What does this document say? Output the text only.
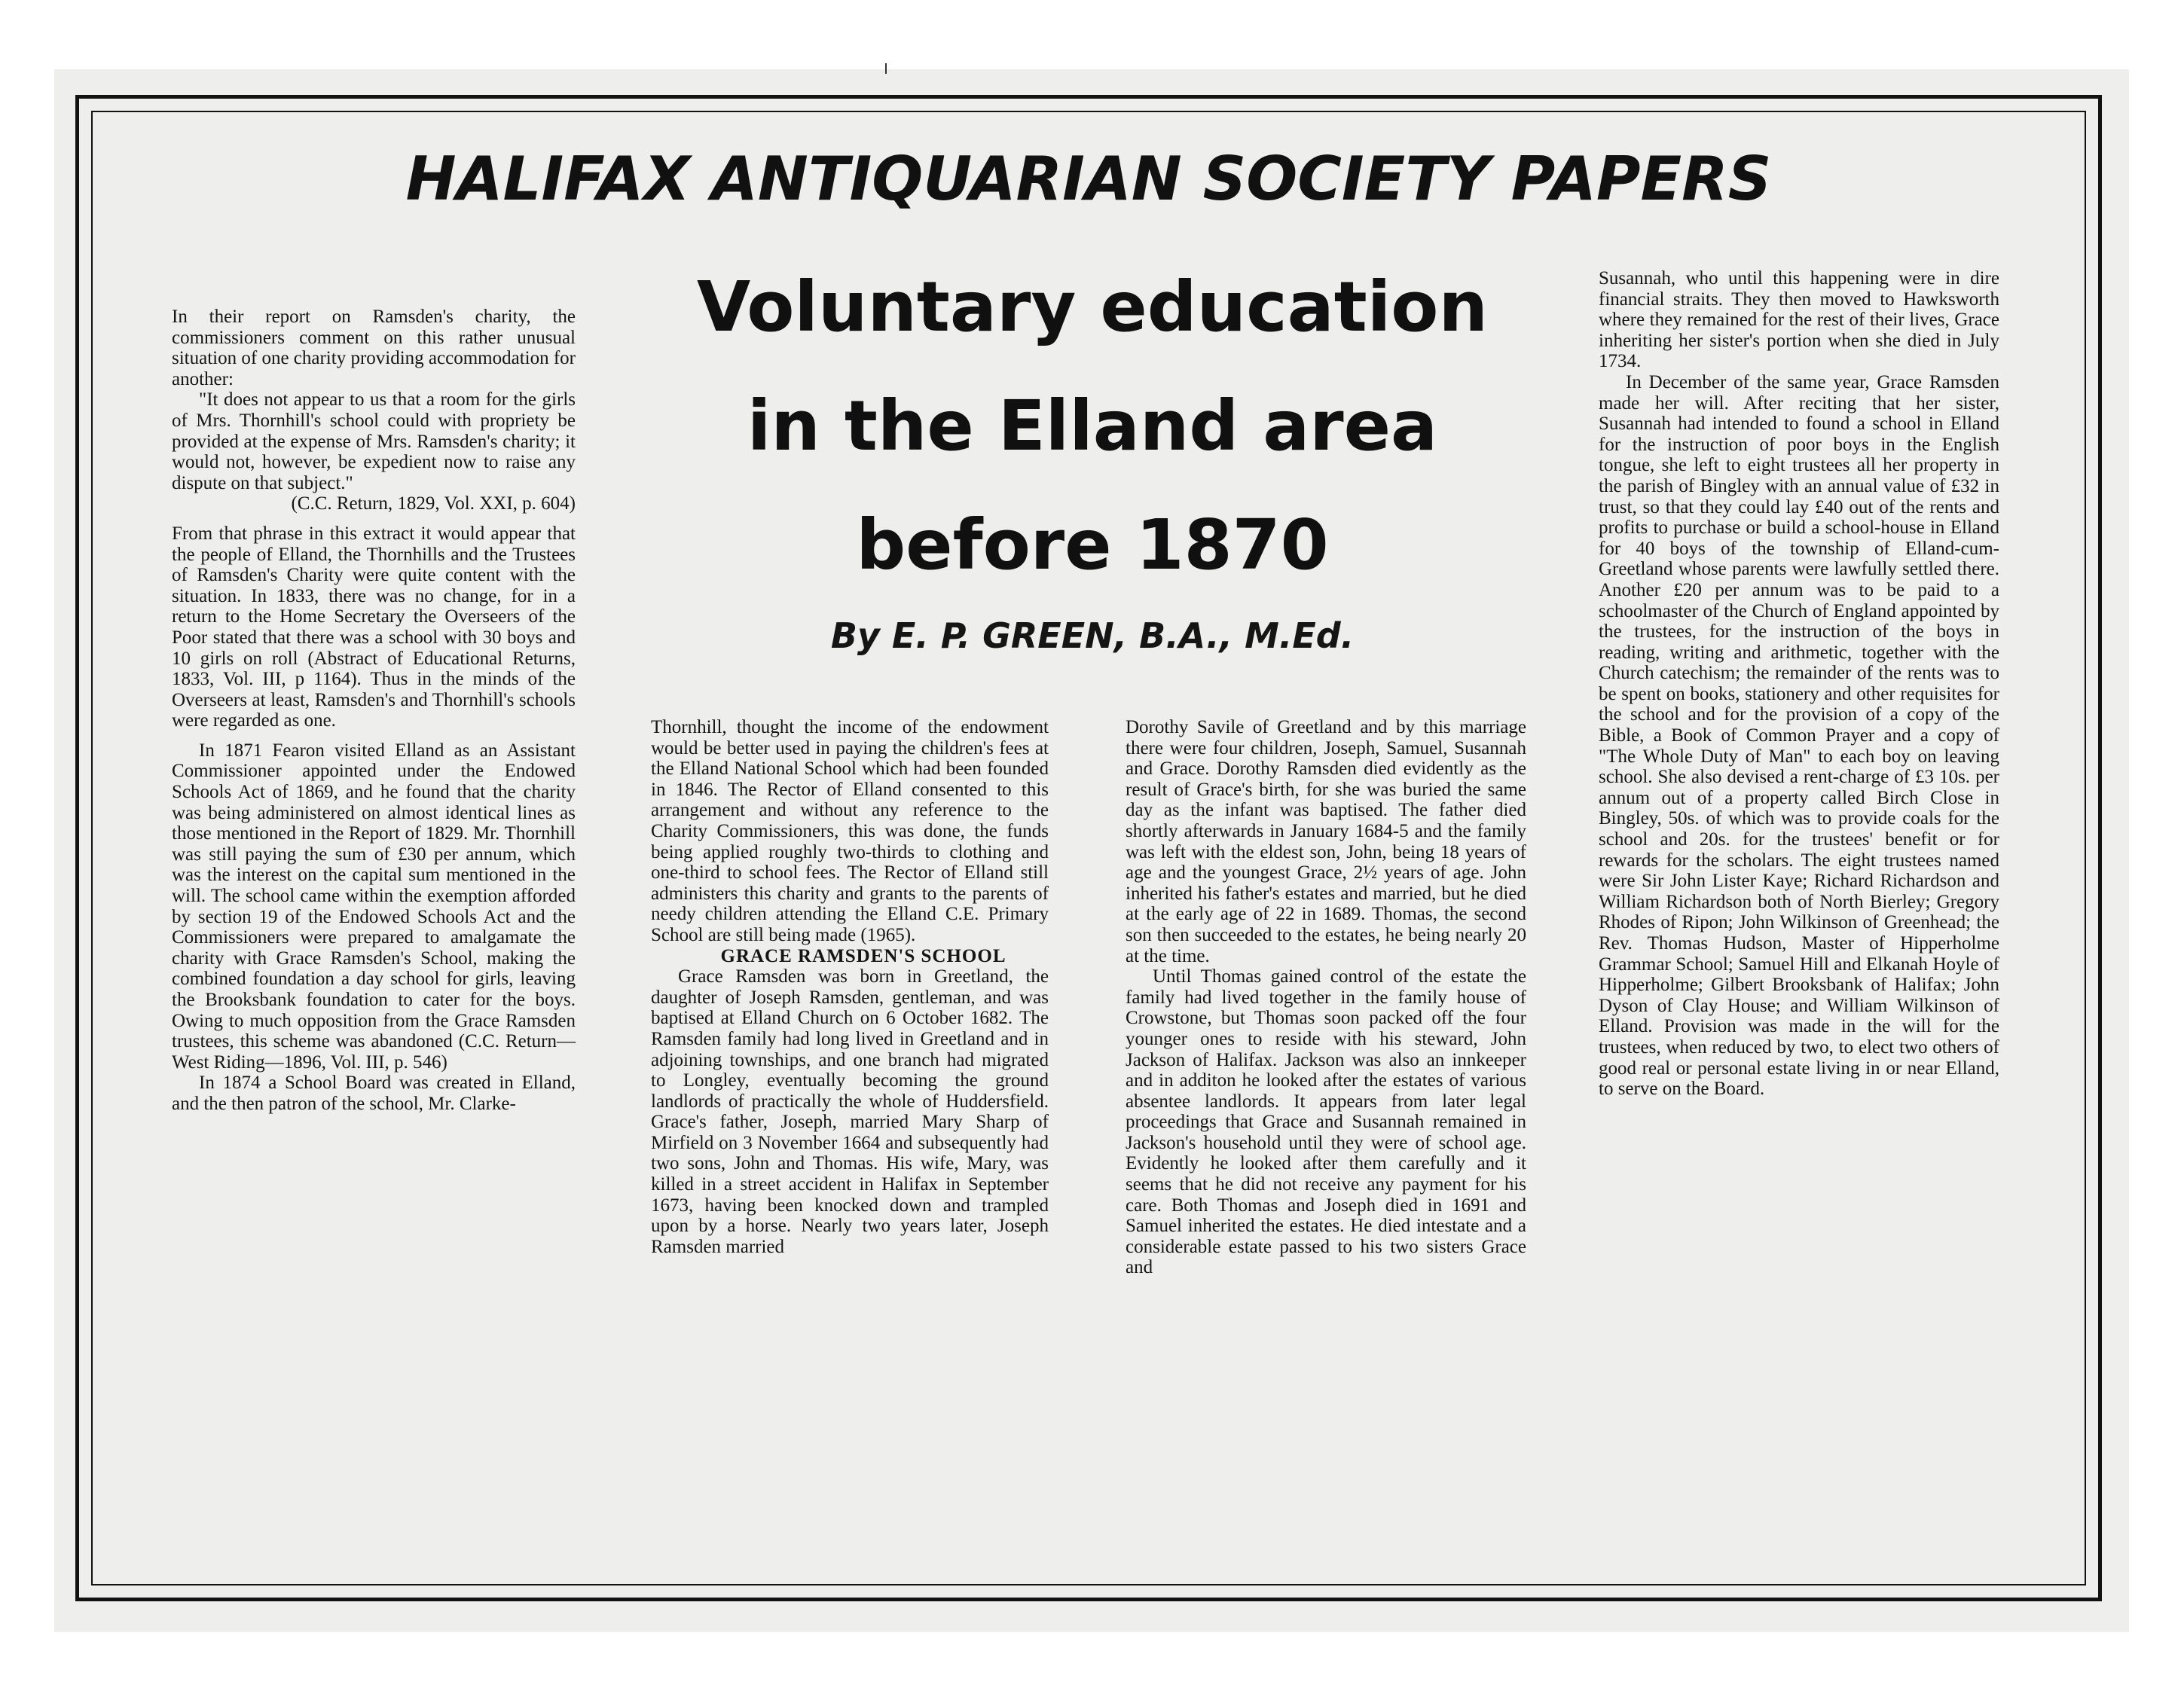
HALIFAX ANTIQUARIAN SOCIETY PAPERS
Voluntary education
in the Elland area
before 1870

By E. P. GREEN, B.A., M.Ed.

In their report on Ramsden's charity, the commissioners comment on this rather unusual situation of one charity providing accommodation for another:

"It does not appear to us that a room for the girls of Mrs. Thornhill's school could with propriety be provided at the expense of Mrs. Ramsden's charity; it would not, however, be expedient now to raise any dispute on that subject."

(C.C. Return, 1829, Vol. XXI, p. 604)

From that phrase in this extract it would appear that the people of Elland, the Thornhills and the Trustees of Ramsden's Charity were quite content with the situation. In 1833, there was no change, for in a return to the Home Secretary the Overseers of the Poor stated that there was a school with 30 boys and 10 girls on roll (Abstract of Educational Returns, 1833, Vol. III, p 1164). Thus in the minds of the Overseers at least, Ramsden's and Thornhill's schools were regarded as one.

In 1871 Fearon visited Elland as an Assistant Commissioner appointed under the Endowed Schools Act of 1869, and he found that the charity was being administered on almost identical lines as those mentioned in the Report of 1829. Mr. Thornhill was still paying the sum of £30 per annum, which was the interest on the capital sum mentioned in the will. The school came within the exemption afforded by section 19 of the Endowed Schools Act and the Commissioners were prepared to amalgamate the charity with Grace Ramsden's School, making the combined foundation a day school for girls, leaving the Brooksbank foundation to cater for the boys. Owing to much opposition from the Grace Ramsden trustees, this scheme was abandoned (C.C. Return—West Riding—1896, Vol. III, p. 546)

In 1874 a School Board was created in Elland, and the then patron of the school, Mr. Clarke-

Thornhill, thought the income of the endowment would be better used in paying the children's fees at the Elland National School which had been founded in 1846. The Rector of Elland consented to this arrangement and without any reference to the Charity Commissioners, this was done, the funds being applied roughly two-thirds to clothing and one-third to school fees. The Rector of Elland still administers this charity and grants to the parents of needy children attending the Elland C.E. Primary School are still being made (1965).

GRACE RAMSDEN'S SCHOOL

Grace Ramsden was born in Greetland, the daughter of Joseph Ramsden, gentleman, and was baptised at Elland Church on 6 October 1682. The Ramsden family had long lived in Greetland and in adjoining townships, and one branch had migrated to Longley, eventually becoming the ground landlords of practically the whole of Huddersfield. Grace's father, Joseph, married Mary Sharp of Mirfield on 3 November 1664 and subsequently had two sons, John and Thomas. His wife, Mary, was killed in a street accident in Halifax in September 1673, having been knocked down and trampled upon by a horse. Nearly two years later, Joseph Ramsden married

Dorothy Savile of Greetland and by this marriage there were four children, Joseph, Samuel, Susannah and Grace. Dorothy Ramsden died evidently as the result of Grace's birth, for she was buried the same day as the infant was baptised. The father died shortly afterwards in January 1684-5 and the family was left with the eldest son, John, being 18 years of age and the youngest Grace, 2½ years of age. John inherited his father's estates and married, but he died at the early age of 22 in 1689. Thomas, the second son then succeeded to the estates, he being nearly 20 at the time.

Until Thomas gained control of the estate the family had lived together in the family house of Crowstone, but Thomas soon packed off the four younger ones to reside with his steward, John Jackson of Halifax. Jackson was also an innkeeper and in additon he looked after the estates of various absentee landlords. It appears from later legal proceedings that Grace and Susannah remained in Jackson's household until they were of school age. Evidently he looked after them carefully and it seems that he did not receive any payment for his care. Both Thomas and Joseph died in 1691 and Samuel inherited the estates. He died intestate and a considerable estate passed to his two sisters Grace and

Susannah, who until this happening were in dire financial straits. They then moved to Hawksworth where they remained for the rest of their lives, Grace inheriting her sister's portion when she died in July 1734.

In December of the same year, Grace Ramsden made her will. After reciting that her sister, Susannah had intended to found a school in Elland for the instruction of poor boys in the English tongue, she left to eight trustees all her property in the parish of Bingley with an annual value of £32 in trust, so that they could lay £40 out of the rents and profits to purchase or build a school-house in Elland for 40 boys of the township of Elland-cum-Greetland whose parents were lawfully settled there. Another £20 per annum was to be paid to a schoolmaster of the Church of England appointed by the trustees, for the instruction of the boys in reading, writing and arithmetic, together with the Church catechism; the remainder of the rents was to be spent on books, stationery and other requisites for the school and for the provision of a copy of the Bible, a Book of Common Prayer and a copy of "The Whole Duty of Man" to each boy on leaving school. She also devised a rent-charge of £3 10s. per annum out of a property called Birch Close in Bingley, 50s. of which was to provide coals for the school and 20s. for the trustees' benefit or for rewards for the scholars. The eight trustees named were Sir John Lister Kaye; Richard Richardson and William Richardson both of North Bierley; Gregory Rhodes of Ripon; John Wilkinson of Greenhead; the Rev. Thomas Hudson, Master of Hipperholme Grammar School; Samuel Hill and Elkanah Hoyle of Hipperholme; Gilbert Brooksbank of Halifax; John Dyson of Clay House; and William Wilkinson of Elland. Provision was made in the will for the trustees, when reduced by two, to elect two others of good real or personal estate living in or near Elland, to serve on the Board.
